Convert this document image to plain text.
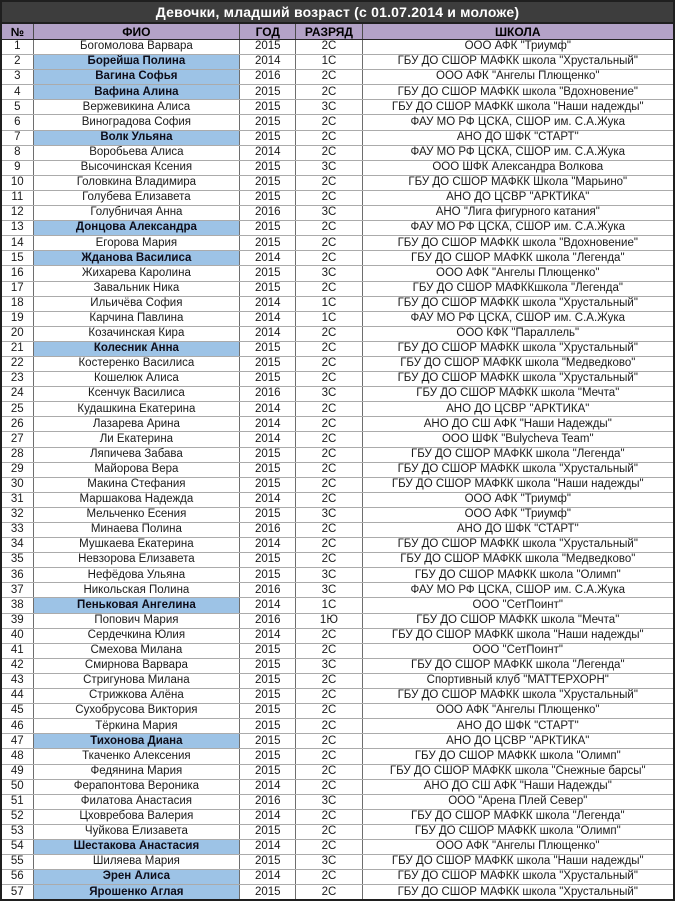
Девочки, младший возраст (с 01.07.2014 и моложе)				
№	ФИО	ГОД	РАЗРЯД	ШКОЛА
1	Богомолова Варвара	2015	2С	ООО АФК "Триумф"
2	Борейша Полина	2014	1С	ГБУ ДО СШОР МАФКК школа "Хрустальный"
3	Вагина Софья	2016	2С	ООО АФК "Ангелы Плющенко"
4	Вафина Алина	2015	2С	ГБУ ДО СШОР МАФКК школа "Вдохновение"
5	Вержевикина Алиса	2015	3С	ГБУ ДО СШОР МАФКК школа "Наши надежды"
6	Виноградова София	2015	2С	ФАУ МО РФ ЦСКА, СШОР им. С.А.Жука
7	Волк Ульяна	2015	2С	АНО ДО ШФК "СТАРТ"
8	Воробьева Алиса	2014	2С	ФАУ МО РФ ЦСКА, СШОР им. С.А.Жука
9	Высочинская Ксения	2015	3С	ООО ШФК Александра Волкова
10	Головкина Владимира	2015	2С	ГБУ ДО СШОР МАФКК Школа "Марьино"
11	Голубева Елизавета	2015	2С	АНО ДО ЦСВР "АРКТИКА"
12	Голубничая Анна	2016	3С	АНО "Лига фигурного катания"
13	Донцова Александра	2015	2С	ФАУ МО РФ ЦСКА, СШОР им. С.А.Жука
14	Егорова Мария	2015	2С	ГБУ ДО СШОР МАФКК школа "Вдохновение"
15	Жданова Василиса	2014	2С	ГБУ ДО СШОР МАФКК школа "Легенда"
16	Жихарева Каролина	2015	3С	ООО АФК "Ангелы Плющенко"
17	Завальник Ника	2015	2С	ГБУ ДО СШОР МАФККшкола "Легенда"
18	Ильичёва София	2014	1С	ГБУ ДО СШОР МАФКК школа "Хрустальный"
19	Карчина Павлина	2014	1С	ФАУ МО РФ ЦСКА, СШОР им. С.А.Жука
20	Козачинская Кира	2014	2С	ООО КФК "Параллель"
21	Колесник Анна	2015	2С	ГБУ ДО СШОР МАФКК школа "Хрустальный"
22	Костеренко Василиса	2015	2С	ГБУ ДО СШОР МАФКК школа "Медведково"
23	Кошелюк Алиса	2015	2С	ГБУ ДО СШОР МАФКК школа "Хрустальный"
24	Ксенчук Василиса	2016	3С	ГБУ ДО СШОР МАФКК школа "Мечта"
25	Кудашкина Екатерина	2014	2С	АНО ДО ЦСВР "АРКТИКА"
26	Лазарева Арина	2014	2С	АНО ДО СШ АФК "Наши Надежды"
27	Ли Екатерина	2014	2С	ООО ШФК "Bulycheva Team"
28	Ляпичева Забава	2015	2С	ГБУ ДО СШОР МАФКК школа "Легенда"
29	Майорова Вера	2015	2С	ГБУ ДО СШОР МАФКК школа "Хрустальный"
30	Макина Стефания	2015	2С	ГБУ ДО СШОР МАФКК школа "Наши надежды"
31	Маршакова Надежда	2014	2С	ООО АФК "Триумф"
32	Мельченко Есения	2015	3С	ООО АФК "Триумф"
33	Минаева Полина	2016	2С	АНО ДО ШФК "СТАРТ"
34	Мушкаева Екатерина	2014	2С	ГБУ ДО СШОР МАФКК школа "Хрустальный"
35	Невзорова Елизавета	2015	2С	ГБУ ДО СШОР МАФКК школа "Медведково"
36	Нефёдова Ульяна	2015	3С	ГБУ ДО СШОР МАФКК школа "Олимп"
37	Никольская Полина	2016	3С	ФАУ МО РФ ЦСКА, СШОР им. С.А.Жука
38	Пеньковая Ангелина	2014	1С	ООО "СетПоинт"
39	Попович Мария	2016	1Ю	ГБУ ДО СШОР МАФКК школа "Мечта"
40	Сердечкина Юлия	2014	2С	ГБУ ДО СШОР МАФКК школа "Наши надежды"
41	Смехова Милана	2015	2С	ООО "СетПоинт"
42	Смирнова Варвара	2015	3С	ГБУ ДО СШОР МАФКК школа "Легенда"
43	Стригунова Милана	2015	2С	Спортивный клуб "МАТТЕРХОРН"
44	Стрижкова Алёна	2015	2С	ГБУ ДО СШОР МАФКК школа "Хрустальный"
45	Сухобрусова Виктория	2015	2С	ООО АФК "Ангелы Плющенко"
46	Тёркина Мария	2015	2С	АНО ДО ШФК "СТАРТ"
47	Тихонова Диана	2015	2С	АНО ДО ЦСВР "АРКТИКА"
48	Ткаченко Алексения	2015	2С	ГБУ ДО СШОР МАФКК школа "Олимп"
49	Федянина Мария	2015	2С	ГБУ ДО СШОР МАФКК школа "Снежные барсы"
50	Ферапонтова Вероника	2014	2С	АНО ДО СШ АФК "Наши Надежды"
51	Филатова Анастасия	2016	3С	ООО "Арена Плей Север"
52	Цховребова Валерия	2014	2С	ГБУ ДО СШОР МАФКК школа "Легенда"
53	Чуйкова Елизавета	2015	2С	ГБУ ДО СШОР МАФКК школа "Олимп"
54	Шестакова Анастасия	2014	2С	ООО АФК "Ангелы Плющенко"
55	Шиляева Мария	2015	3С	ГБУ ДО СШОР МАФКК школа "Наши надежды"
56	Эрен Алиса	2014	2С	ГБУ ДО СШОР МАФКК школа "Хрустальный"
57	Ярошенко Аглая	2015	2С	ГБУ ДО СШОР МАФКК школа "Хрустальный"
